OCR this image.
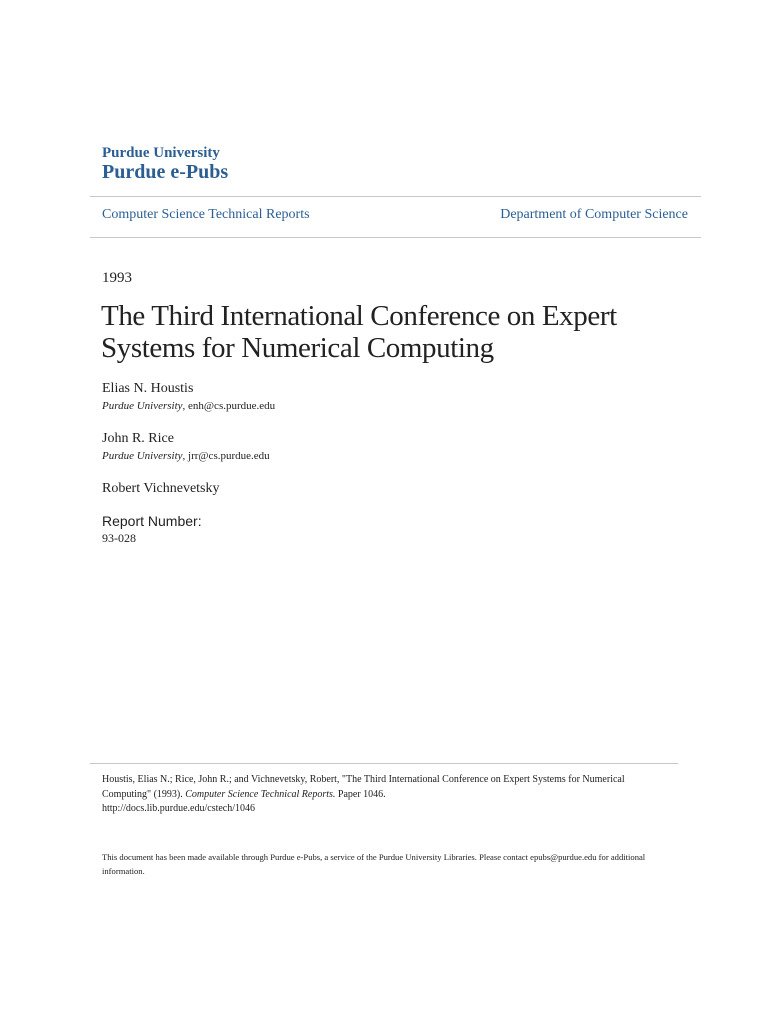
Purdue University
Purdue e-Pubs
Computer Science Technical Reports	Department of Computer Science
1993
The Third International Conference on Expert Systems for Numerical Computing
Elias N. Houstis
Purdue University, enh@cs.purdue.edu
John R. Rice
Purdue University, jrr@cs.purdue.edu
Robert Vichnevetsky
Report Number:
93-028
Houstis, Elias N.; Rice, John R.; and Vichnevetsky, Robert, "The Third International Conference on Expert Systems for Numerical Computing" (1993). Computer Science Technical Reports. Paper 1046.
http://docs.lib.purdue.edu/cstech/1046
This document has been made available through Purdue e-Pubs, a service of the Purdue University Libraries. Please contact epubs@purdue.edu for additional information.
